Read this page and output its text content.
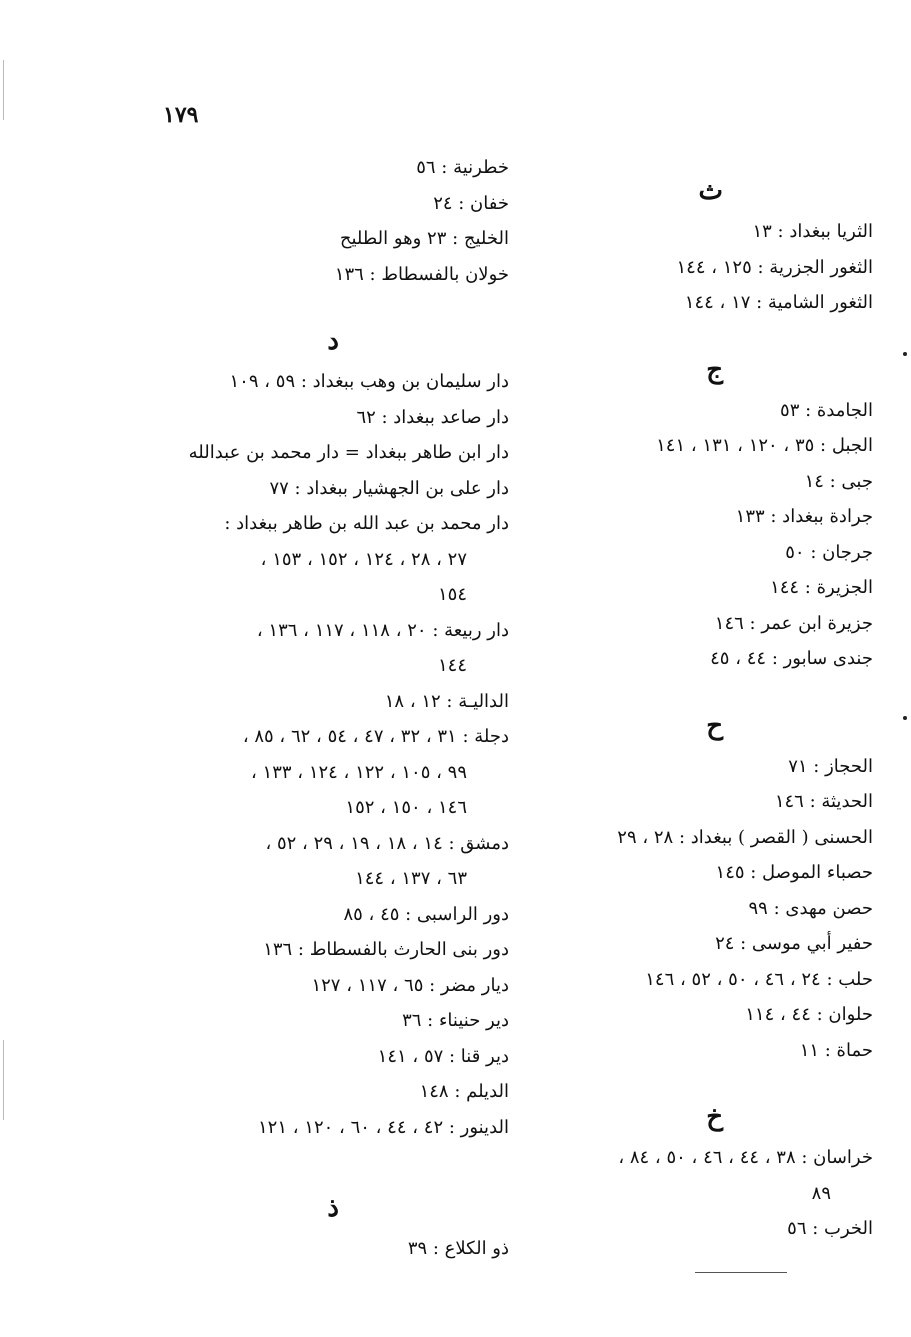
١٧٩
ث
الثريا ببغداد : ١٣
الثغور الجزرية : ١٢٥ ، ١٤٤
الثغور الشامية : ١٧ ، ١٤٤
ج
الجامدة : ٥٣
الجبل : ٣٥ ، ١٢٠ ، ١٣١ ، ١٤١
جبى : ١٤
جرادة ببغداد : ١٣٣
جرجان : ٥٠
الجزيرة : ١٤٤
جزيرة ابن عمر : ١٤٦
جندى سابور : ٤٤ ، ٤٥
ح
الحجاز : ٧١
الحديثة : ١٤٦
الحسنى ( القصر ) ببغداد : ٢٨ ، ٢٩
حصباء الموصل : ١٤٥
حصن مهدى : ٩٩
حفير أبي موسى : ٢٤
حلب : ٢٤ ، ٤٦ ، ٥٠ ، ٥٢ ، ١٤٦
حلوان : ٤٤ ، ١١٤
حماة : ١١
خ
خراسان : ٣٨ ، ٤٤ ، ٤٦ ، ٥٠ ، ٨٤ ،
٨٩
الخرب : ٥٦
خطرنية : ٥٦
خفان : ٢٤
الخليج : ٢٣ وهو الطليح
خولان بالفسطاط : ١٣٦
د
دار سليمان بن وهب ببغداد : ٥٩ ، ١٠٩
دار صاعد ببغداد : ٦٢
دار ابن طاهر ببغداد = دار محمد بن عبدالله
دار على بن الجهشيار ببغداد : ٧٧
دار محمد بن عبد الله بن طاهر ببغداد :
٢٧ ، ٢٨ ، ١٢٤ ، ١٥٢ ، ١٥٣ ،
١٥٤
دار ربيعة : ٢٠ ، ١١٨ ، ١١٧ ، ١٣٦ ،
١٤٤
الداليـة : ١٢ ، ١٨
دجلة : ٣١ ، ٣٢ ، ٤٧ ، ٥٤ ، ٦٢ ، ٨٥ ،
٩٩ ، ١٠٥ ، ١٢٢ ، ١٢٤ ، ١٣٣ ،
١٤٦ ، ١٥٠ ، ١٥٢
دمشق : ١٤ ، ١٨ ، ١٩ ، ٢٩ ، ٥٢ ،
٦٣ ، ١٣٧ ، ١٤٤
دور الراسبى : ٤٥ ، ٨٥
دور بنى الحارث بالفسطاط : ١٣٦
ديار مضر : ٦٥ ، ١١٧ ، ١٢٧
دير حنيناء : ٣٦
دير قنا : ٥٧ ، ١٤١
الديلم : ١٤٨
الدينور : ٤٢ ، ٤٤ ، ٦٠ ، ١٢٠ ، ١٢١
ذ
ذو الكلاع : ٣٩
